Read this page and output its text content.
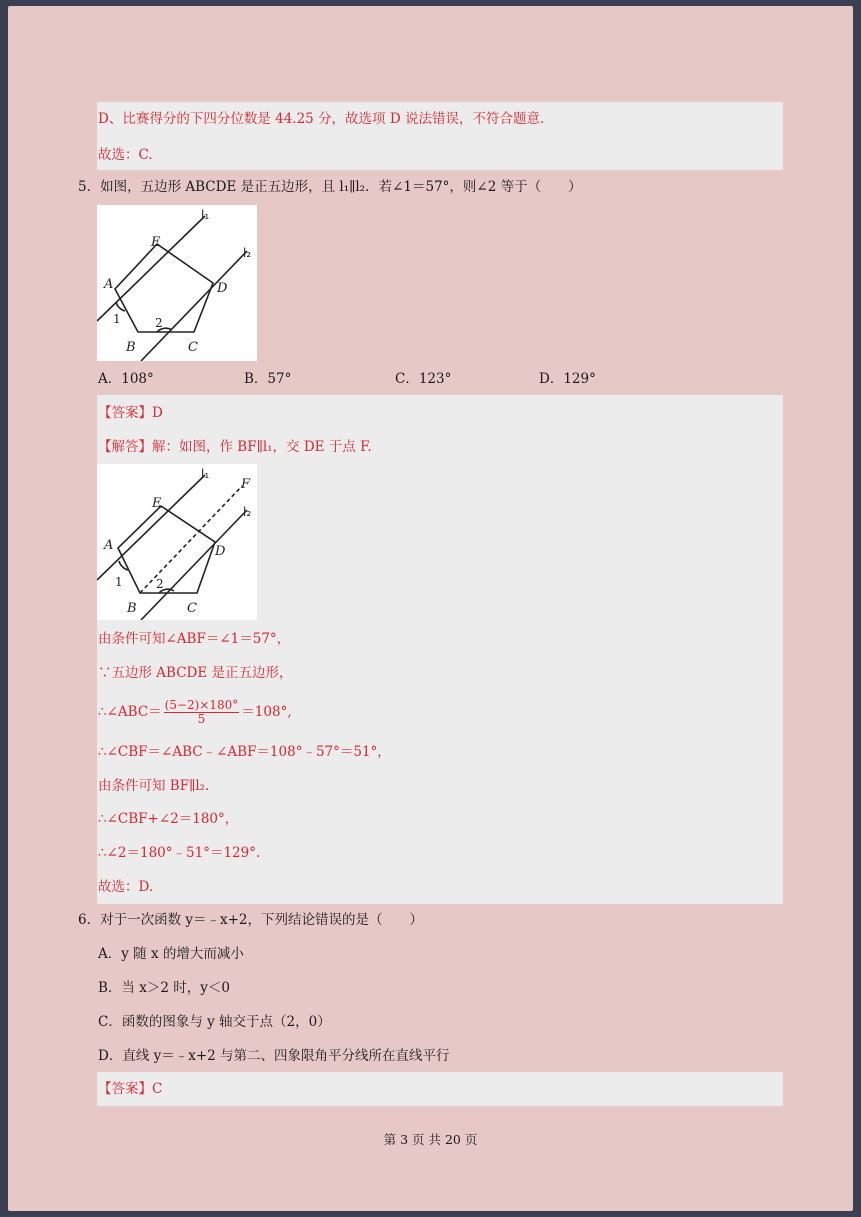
D、比赛得分的下四分位数是 44.25 分，故选项 D 说法错误，不符合题意.
故选：C.
5．如图，五边形 ABCDE 是正五边形，且 l₁∥l₂．若∠1＝57°，则∠2 等于（　　）
l₁
l₂
E
A	D
B	C
1	2
A．108°	B．57°	C．123°	D．129°
【答案】D
【解答】解：如图，作 BF∥l₁，交 DE 于点 F.
l₁
l₂
F
E
A	D
B	C
1	2
由条件可知∠ABF＝∠1＝57°，
∵五边形 ABCDE 是正五边形，
∴∠ABC＝ $\frac{(5-2)\times 180^\circ}{5} =108^\circ$,
∴∠CBF＝∠ABC﹣∠ABF＝108°﹣57°＝51°，
由条件可知 BF∥l₂.
∴∠CBF+∠2＝180°，
∴∠2＝180°﹣51°＝129°.
故选：D.
6．对于一次函数 y＝﹣x+2，下列结论错误的是（　　）
A．y 随 x 的增大而减小
B．当 x＞2 时，y＜0
C．函数的图象与 y 轴交于点（2，0）
D．直线 y＝﹣x+2 与第二、四象限角平分线所在直线平行
【答案】C
第 3 页 共 20 页
